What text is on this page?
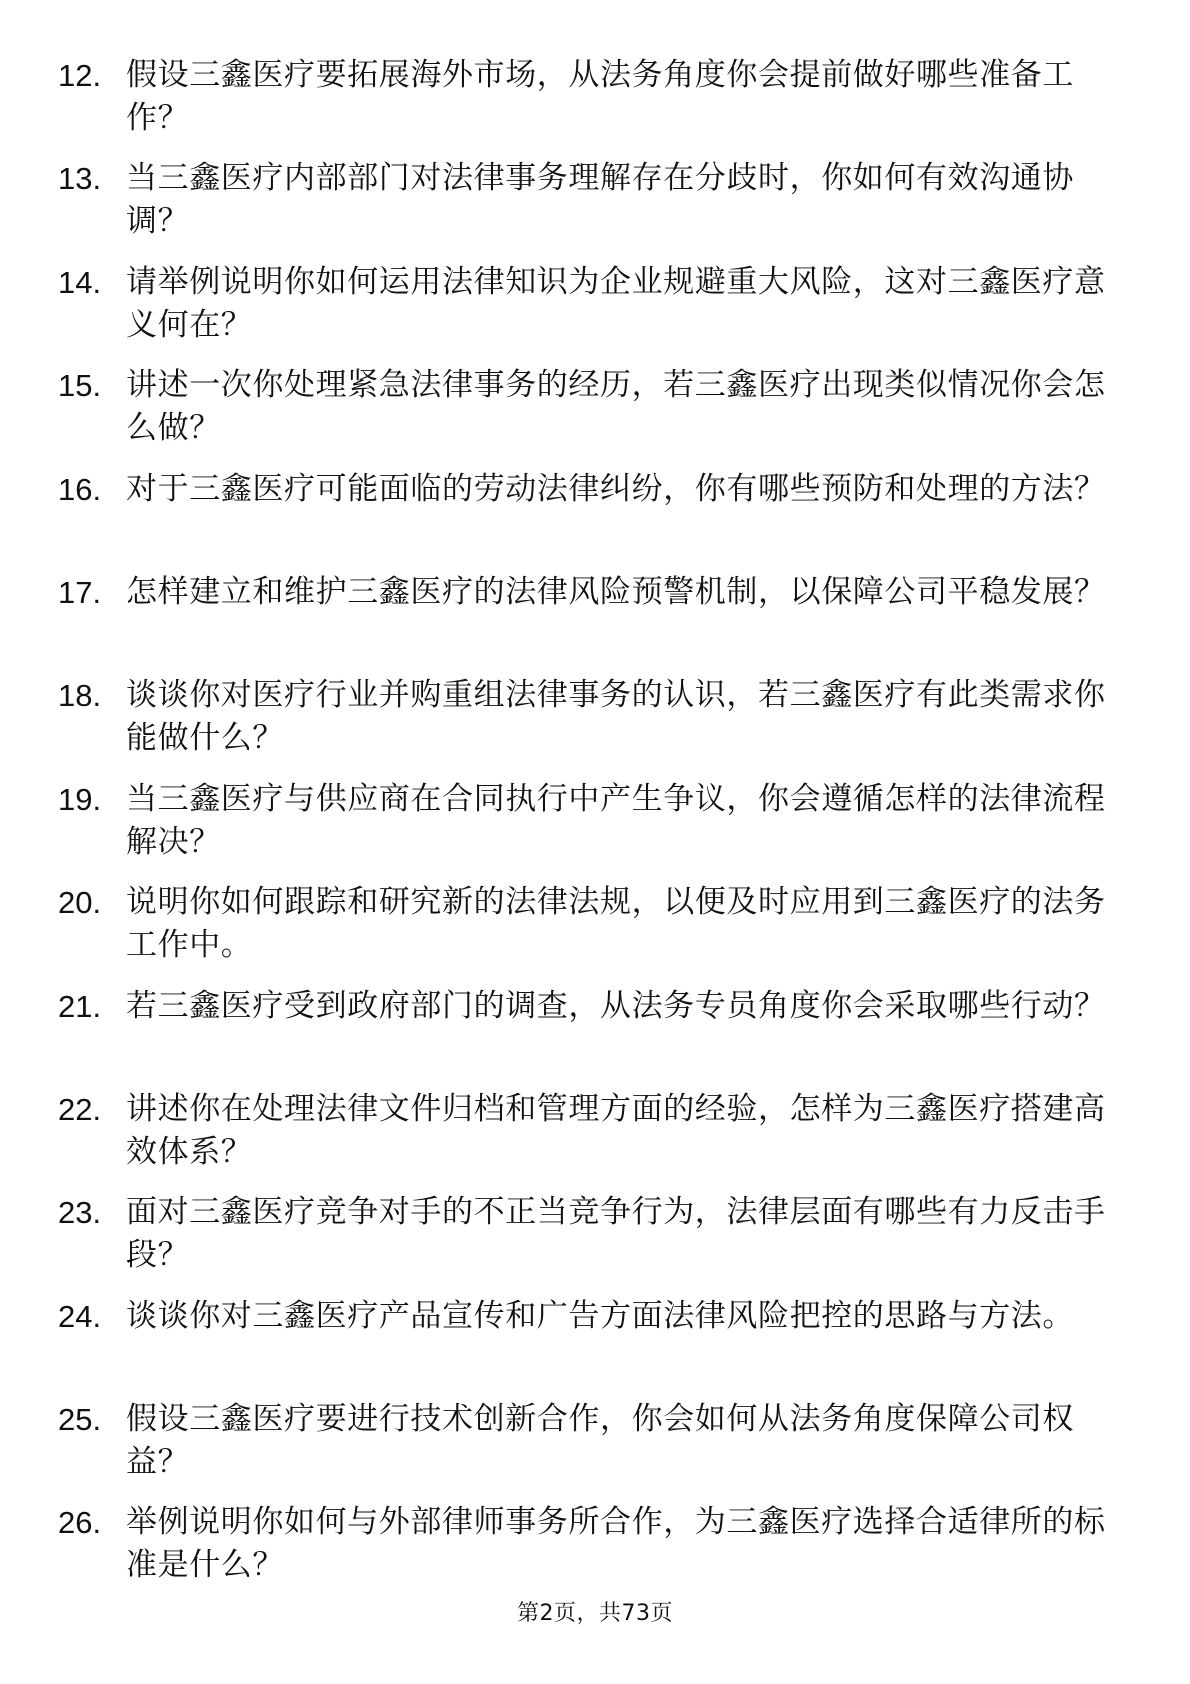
12. 假设三鑫医疗要拓展海外市场，从法务角度你会提前做好哪些准备工作？
13. 当三鑫医疗内部部门对法律事务理解存在分歧时，你如何有效沟通协调？
14. 请举例说明你如何运用法律知识为企业规避重大风险，这对三鑫医疗意义何在？
15. 讲述一次你处理紧急法律事务的经历，若三鑫医疗出现类似情况你会怎么做？
16. 对于三鑫医疗可能面临的劳动法律纠纷，你有哪些预防和处理的方法？
17. 怎样建立和维护三鑫医疗的法律风险预警机制，以保障公司平稳发展？
18. 谈谈你对医疗行业并购重组法律事务的认识，若三鑫医疗有此类需求你能做什么？
19. 当三鑫医疗与供应商在合同执行中产生争议，你会遵循怎样的法律流程解决？
20. 说明你如何跟踪和研究新的法律法规，以便及时应用到三鑫医疗的法务工作中。
21. 若三鑫医疗受到政府部门的调查，从法务专员角度你会采取哪些行动？
22. 讲述你在处理法律文件归档和管理方面的经验，怎样为三鑫医疗搭建高效体系？
23. 面对三鑫医疗竞争对手的不正当竞争行为，法律层面有哪些有力反击手段？
24. 谈谈你对三鑫医疗产品宣传和广告方面法律风险把控的思路与方法。
25. 假设三鑫医疗要进行技术创新合作，你会如何从法务角度保障公司权益？
26. 举例说明你如何与外部律师事务所合作，为三鑫医疗选择合适律所的标准是什么？
第2页，共73页
